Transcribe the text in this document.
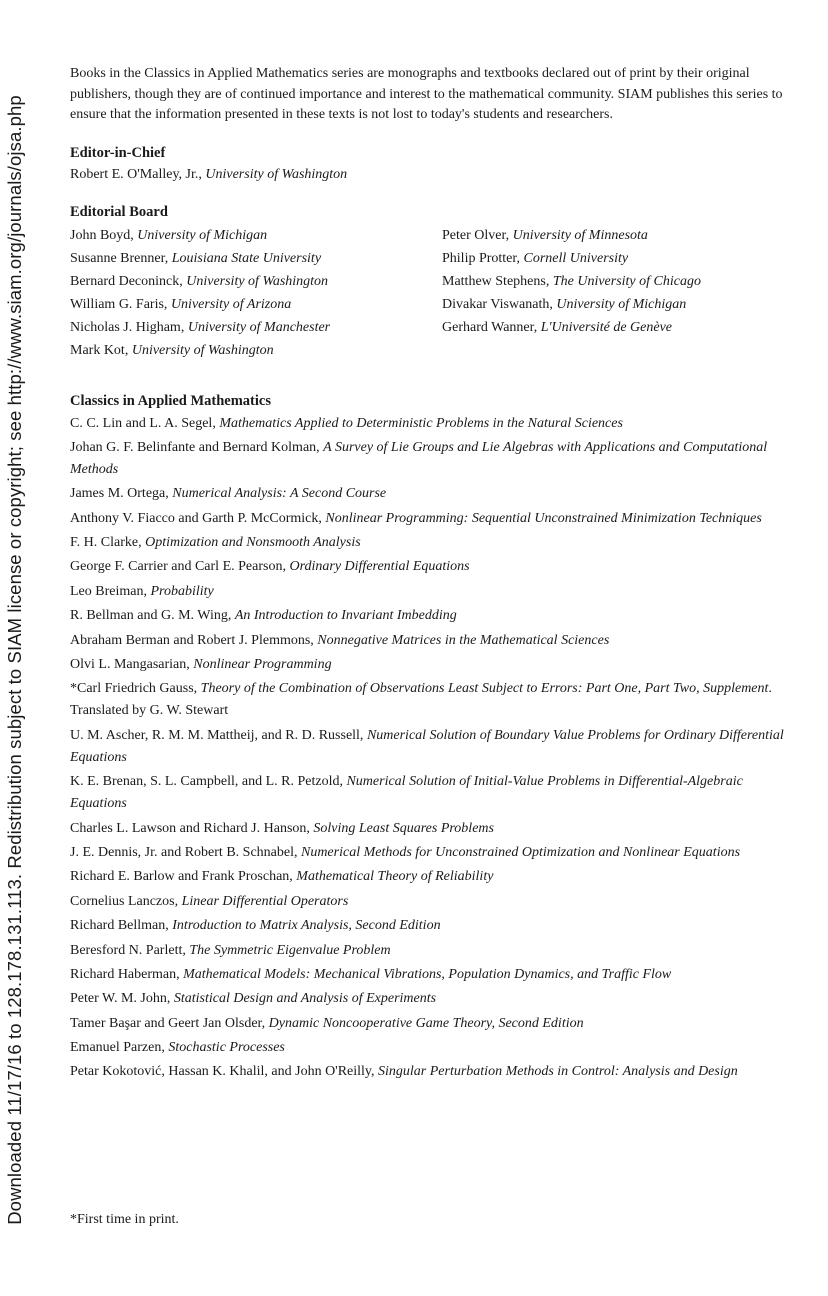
Downloaded 11/17/16 to 128.178.131.113. Redistribution subject to SIAM license or copyright; see http://www.siam.org/journals/ojsa.php

Books in the Classics in Applied Mathematics series are monographs and textbooks declared out of print by their original publishers, though they are of continued importance and interest to the mathematical community. SIAM publishes this series to ensure that the information presented in these texts is not lost to today's students and researchers.

Editor-in-Chief
Robert E. O'Malley, Jr., University of Washington
Editorial Board
John Boyd, University of Michigan
Susanne Brenner, Louisiana State University
Bernard Deconinck, University of Washington
William G. Faris, University of Arizona
Nicholas J. Higham, University of Manchester
Mark Kot, University of Washington
Peter Olver, University of Minnesota
Philip Protter, Cornell University
Matthew Stephens, The University of Chicago
Divakar Viswanath, University of Michigan
Gerhard Wanner, L'Université de Genève
Classics in Applied Mathematics
C. C. Lin and L. A. Segel, Mathematics Applied to Deterministic Problems in the Natural Sciences
Johan G. F. Belinfante and Bernard Kolman, A Survey of Lie Groups and Lie Algebras with Applications and Computational Methods
James M. Ortega, Numerical Analysis: A Second Course
Anthony V. Fiacco and Garth P. McCormick, Nonlinear Programming: Sequential Unconstrained Minimization Techniques
F. H. Clarke, Optimization and Nonsmooth Analysis
George F. Carrier and Carl E. Pearson, Ordinary Differential Equations
Leo Breiman, Probability
R. Bellman and G. M. Wing, An Introduction to Invariant Imbedding
Abraham Berman and Robert J. Plemmons, Nonnegative Matrices in the Mathematical Sciences
Olvi L. Mangasarian, Nonlinear Programming
*Carl Friedrich Gauss, Theory of the Combination of Observations Least Subject to Errors: Part One, Part Two, Supplement. Translated by G. W. Stewart
U. M. Ascher, R. M. M. Mattheij, and R. D. Russell, Numerical Solution of Boundary Value Problems for Ordinary Differential Equations
K. E. Brenan, S. L. Campbell, and L. R. Petzold, Numerical Solution of Initial-Value Problems in Differential-Algebraic Equations
Charles L. Lawson and Richard J. Hanson, Solving Least Squares Problems
J. E. Dennis, Jr. and Robert B. Schnabel, Numerical Methods for Unconstrained Optimization and Nonlinear Equations
Richard E. Barlow and Frank Proschan, Mathematical Theory of Reliability
Cornelius Lanczos, Linear Differential Operators
Richard Bellman, Introduction to Matrix Analysis, Second Edition
Beresford N. Parlett, The Symmetric Eigenvalue Problem
Richard Haberman, Mathematical Models: Mechanical Vibrations, Population Dynamics, and Traffic Flow
Peter W. M. John, Statistical Design and Analysis of Experiments
Tamer Başar and Geert Jan Olsder, Dynamic Noncooperative Game Theory, Second Edition
Emanuel Parzen, Stochastic Processes
Petar Kokotović, Hassan K. Khalil, and John O'Reilly, Singular Perturbation Methods in Control: Analysis and Design
*First time in print.
